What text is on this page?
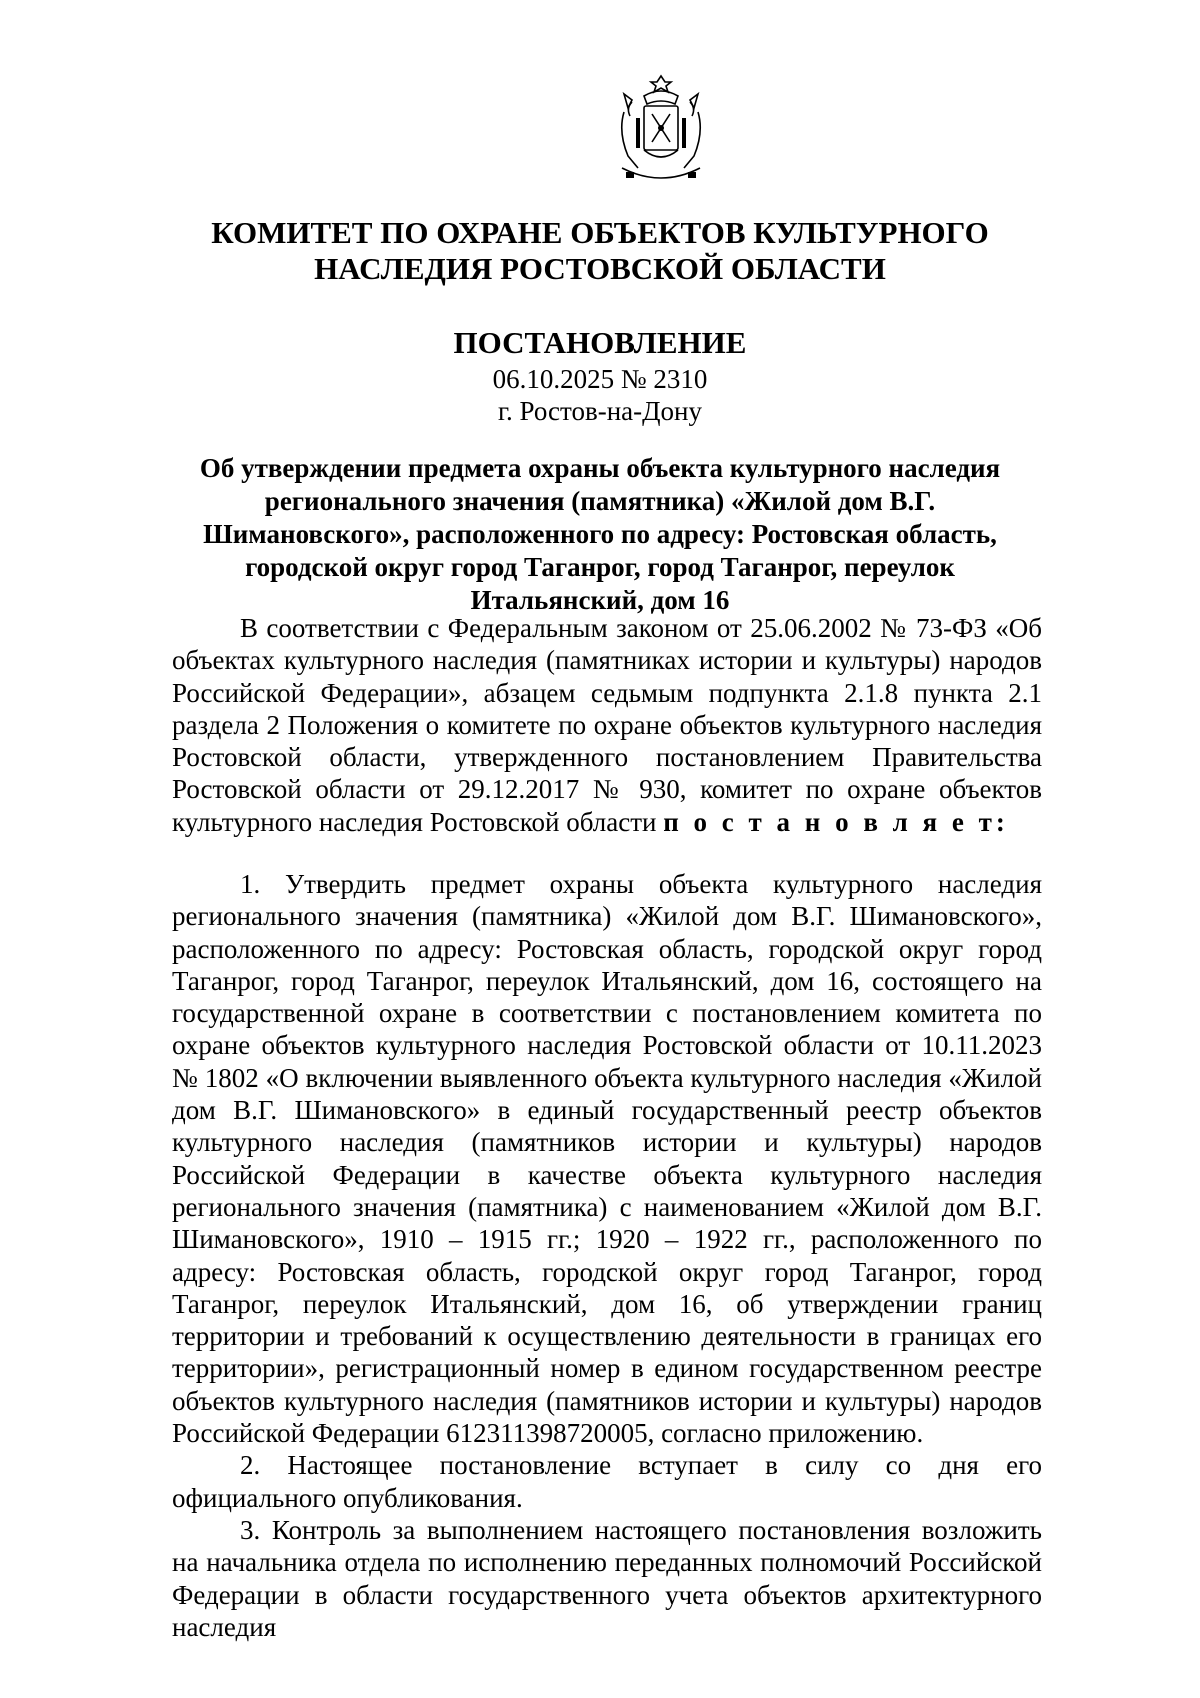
КОМИТЕТ ПО ОХРАНЕ ОБЪЕКТОВ КУЛЬТУРНОГО
НАСЛЕДИЯ РОСТОВСКОЙ ОБЛАСТИ
ПОСТАНОВЛЕНИЕ
06.10.2025 № 2310
г. Ростов-на-Дону
Об утверждении предмета охраны объекта культурного наследия регионального значения (памятника) «Жилой дом В.Г. Шимановского», расположенного по адресу: Ростовская область, городской округ город Таганрог, город Таганрог, переулок Итальянский, дом 16

В соответствии с Федеральным законом от 25.06.2002 № 73-ФЗ «Об объектах культурного наследия (памятниках истории и культуры) народов Российской Федерации», абзацем седьмым подпункта 2.1.8 пункта 2.1 раздела 2 Положения о комитете по охране объектов культурного наследия Ростовской области, утвержденного постановлением Правительства Ростовской области от 29.12.2017 № 930, комитет по охране объектов культурного наследия Ростовской области п о с т а н о в л я е т:

1. Утвердить предмет охраны объекта культурного наследия регионального значения (памятника) «Жилой дом В.Г. Шимановского», расположенного по адресу: Ростовская область, городской округ город Таганрог, город Таганрог, переулок Итальянский, дом 16, состоящего на государственной охране в соответствии с постановлением комитета по охране объектов культурного наследия Ростовской области от 10.11.2023 № 1802 «О включении выявленного объекта культурного наследия «Жилой дом В.Г. Шимановского» в единый государственный реестр объектов культурного наследия (памятников истории и культуры) народов Российской Федерации в качестве объекта культурного наследия регионального значения (памятника) с наименованием «Жилой дом В.Г. Шимановского», 1910 – 1915 гг.; 1920 – 1922 гг., расположенного по адресу: Ростовская область, городской округ город Таганрог, город Таганрог, переулок Итальянский, дом 16, об утверждении границ территории и требований к осуществлению деятельности в границах его территории», регистрационный номер в едином государственном реестре объектов культурного наследия (памятников истории и культуры) народов Российской Федерации 612311398720005, согласно приложению.

2. Настоящее постановление вступает в силу со дня его официального опубликования.

3. Контроль за выполнением настоящего постановления возложить на начальника отдела по исполнению переданных полномочий Российской Федерации в области государственного учета объектов архитектурного наследия
